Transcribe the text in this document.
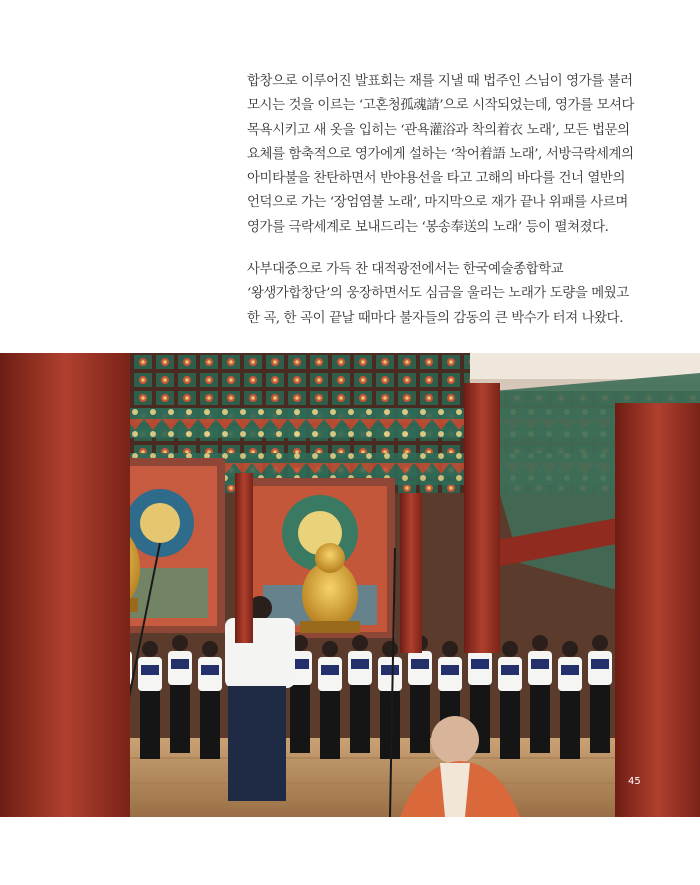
합창으로 이루어진 발표회는 재를 지낼 때 법주인 스님이 영가를 불러 모시는 것을 이르는 ‘고혼청孤魂請’으로 시작되었는데, 영가를 모셔다 목욕시키고 새 옷을 입히는 ‘관욕灌浴과 착의着衣 노래’, 모든 법문의 요체를 함축적으로 영가에게 설하는 ‘착어着語 노래’, 서방극락세계의 아미타불을 찬탄하면서 반야용선을 타고 고해의 바다를 건너 열반의 언덕으로 가는 ‘장엄염불 노래’, 마지막으로 재가 끝나 위패를 사르며 영가를 극락세계로 보내드리는 ‘봉송奉送의 노래’ 등이 펼쳐졌다.
사부대중으로 가득 찬 대적광전에서는 한국예술종합학교 ‘왕생가합창단’의 웅장하면서도 심금을 울리는 노래가 도량을 메웠고 한 곡, 한 곡이 끝날 때마다 불자들의 감동의 큰 박수가 터져 나왔다.
45
